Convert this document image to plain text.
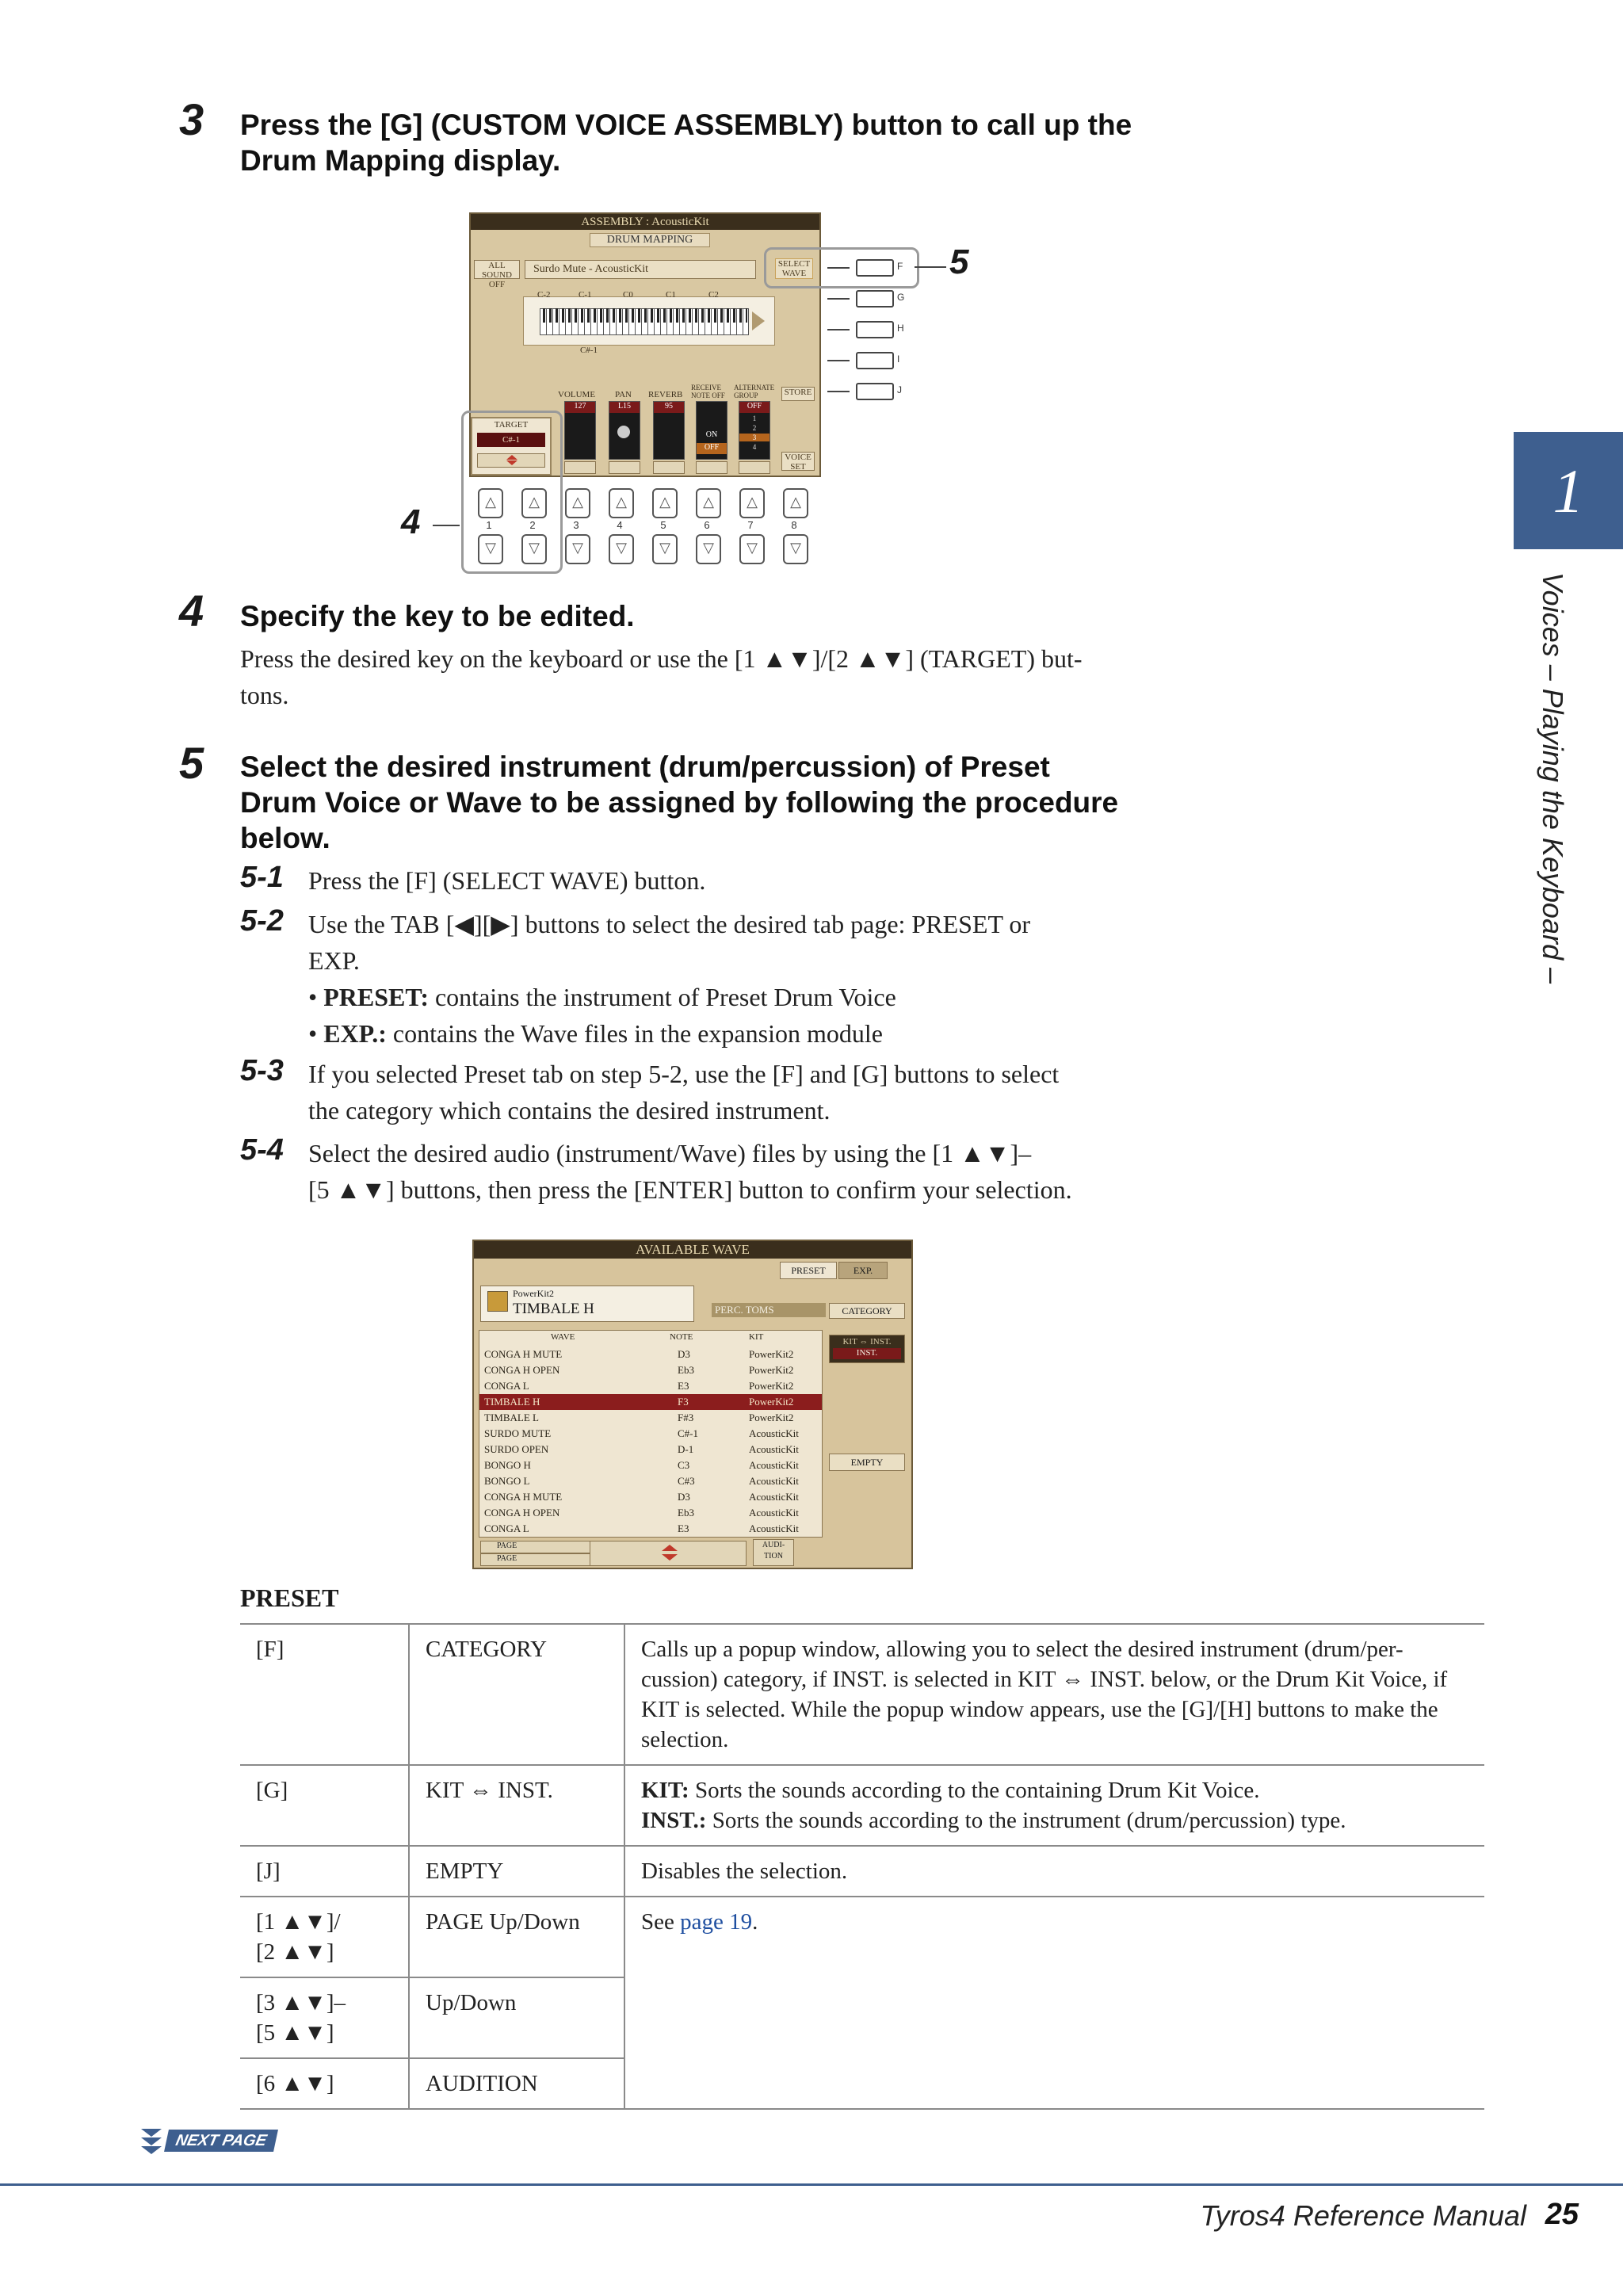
3 Press the [G] (CUSTOM VOICE ASSEMBLY) button to call up the
Drum Mapping display.
ASSEMBLY : AcousticKit
DRUM MAPPING
ALL SOUND OFF
Surdo Mute - AcousticKit	SELECT WAVE
C-2	C-1	C0	C1	C2
C#-1
VOLUME PAN REVERB
RECEIVE NOTE OFF
ALTERNATE GROUP	STORE
127	L15	95
ON
OFF
OFF
1
2
3
4
VOICE SET
TARGET
C#-1
F
G
H
I
J
5
△
▽
1
△
▽
2
△
▽
3
△
▽
4
△
▽
5
△
▽
6
△
▽
7
△
▽
8
4
4 Specify the key to be edited.
Press the desired key on the keyboard or use the [1 ▲▼]/[2 ▲▼] (TARGET) but-
tons.
5 Select the desired instrument (drum/percussion) of Preset
Drum Voice or Wave to be assigned by following the procedure
below.
5-1 Press the [F] (SELECT WAVE) button.
5-2 Use the TAB [◀][▶] buttons to select the desired tab page: PRESET or
EXP.
• PRESET: contains the instrument of Preset Drum Voice
• EXP.: contains the Wave files in the expansion module
5-3 If you selected Preset tab on step 5-2, use the [F] and [G] buttons to select
the category which contains the desired instrument.
5-4 Select the desired audio (instrument/Wave) files by using the [1 ▲▼]–
[5 ▲▼] buttons, then press the [ENTER] button to confirm your selection.
AVAILABLE WAVE
PRESET	EXP.
PowerKit2
TIMBALE H	PERC. TOMS	CATEGORY
KIT ⇔ INST.
INST.
EMPTY
WAVE	NOTE	KIT
CONGA H MUTE	D3	PowerKit2
CONGA H OPEN	Eb3	PowerKit2
CONGA L	E3	PowerKit2
TIMBALE H	F3	PowerKit2
TIMBALE L	F#3	PowerKit2
SURDO MUTE	C#-1	AcousticKit
SURDO OPEN	D-1	AcousticKit
BONGO H	C3	AcousticKit
BONGO L	C#3	AcousticKit
CONGA H MUTE	D3	AcousticKit
CONGA H OPEN	Eb3	AcousticKit
CONGA L	E3	AcousticKit
PAGE
PAGE
AUDI- TION
PRESET
[F]	CATEGORY	Calls up a popup window, allowing you to select the desired instrument (drum/per-cussion) category, if INST. is selected in KIT ⇔ INST. below, or the Drum Kit Voice, if KIT is selected. While the popup window appears, use the [G]/[H] buttons to make the selection.
[G]	KIT ⇔ INST.	KIT: Sorts the sounds according to the containing Drum Kit Voice.
INST.: Sorts the sounds according to the instrument (drum/percussion) type.

[J]	EMPTY	Disables the selection.

[1 ▲▼]/
[2 ▲▼]	PAGE Up/Down	See page 19.

[3 ▲▼]–
[5 ▲▼]	Up/Down	
[6 ▲▼]	AUDITION	
1
Voices – Playing the Keyboard –
NEXT PAGE
Tyros4 Reference Manual 25
